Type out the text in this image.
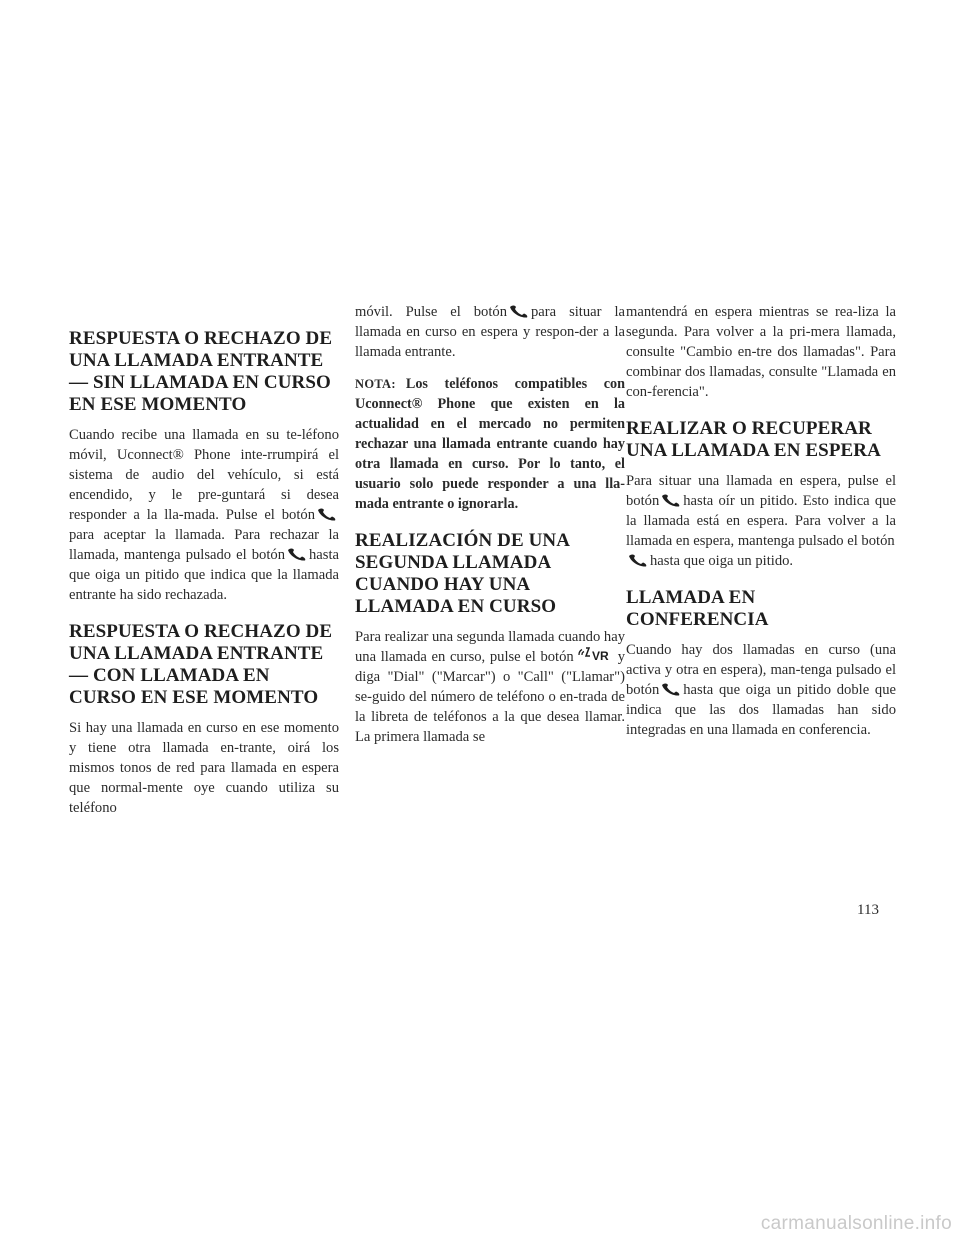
RESPUESTA O RECHAZO DE UNA LLAMADA ENTRANTE — SIN LLAMADA EN CURSO EN ESE MOMENTO

Cuando recibe una llamada en su te-léfono móvil, Uconnect® Phone inte-rrumpirá el sistema de audio del vehículo, si está encendido, y le pre-guntará si desea responder a la lla-mada. Pulse el botón
para aceptar la llamada. Para rechazar la llamada, mantenga pulsado el botón hasta que oiga un pitido que indica que la llamada entrante ha sido rechazada.

RESPUESTA O RECHAZO DE UNA LLAMADA ENTRANTE — CON LLAMADA EN CURSO EN ESE MOMENTO

Si hay una llamada en curso en ese momento y tiene otra llamada en-trante, oirá los mismos tonos de red para llamada en espera que normal-mente oye cuando utiliza su teléfono

móvil. Pulse el botón para situar la llamada en curso en espera y respon-der a la llamada entrante.

NOTA: Los teléfonos compatibles con Uconnect® Phone que existen en la actualidad en el mercado no permiten rechazar una llamada entrante cuando hay otra llamada en curso. Por lo tanto, el usuario solo puede responder a una lla-mada entrante o ignorarla.

REALIZACIÓN DE UNA SEGUNDA LLAMADA CUANDO HAY UNA LLAMADA EN CURSO

Para realizar una segunda llamada cuando hay una llamada en curso, pulse el botón VR y diga "Dial" ("Marcar") o "Call" ("Llamar") se-guido del número de teléfono o en-trada de la libreta de teléfonos a la que desea llamar. La primera llamada se

mantendrá en espera mientras se rea-liza la segunda. Para volver a la pri-mera llamada, consulte "Cambio en-tre dos llamadas". Para combinar dos llamadas, consulte "Llamada en con-ferencia".

REALIZAR O RECUPERAR UNA LLAMADA EN ESPERA

Para situar una llamada en espera, pulse el botón hasta oír un pitido. Esto indica que la llamada está en espera. Para volver a la llamada en espera, mantenga pulsado el botón

hasta que oiga un pitido.

LLAMADA EN CONFERENCIA

Cuando hay dos llamadas en curso (una activa y otra en espera), man-tenga pulsado el botón hasta que oiga un pitido doble que indica que las dos llamadas han sido integradas en una llamada en conferencia.

113
carmanualsonline.info
